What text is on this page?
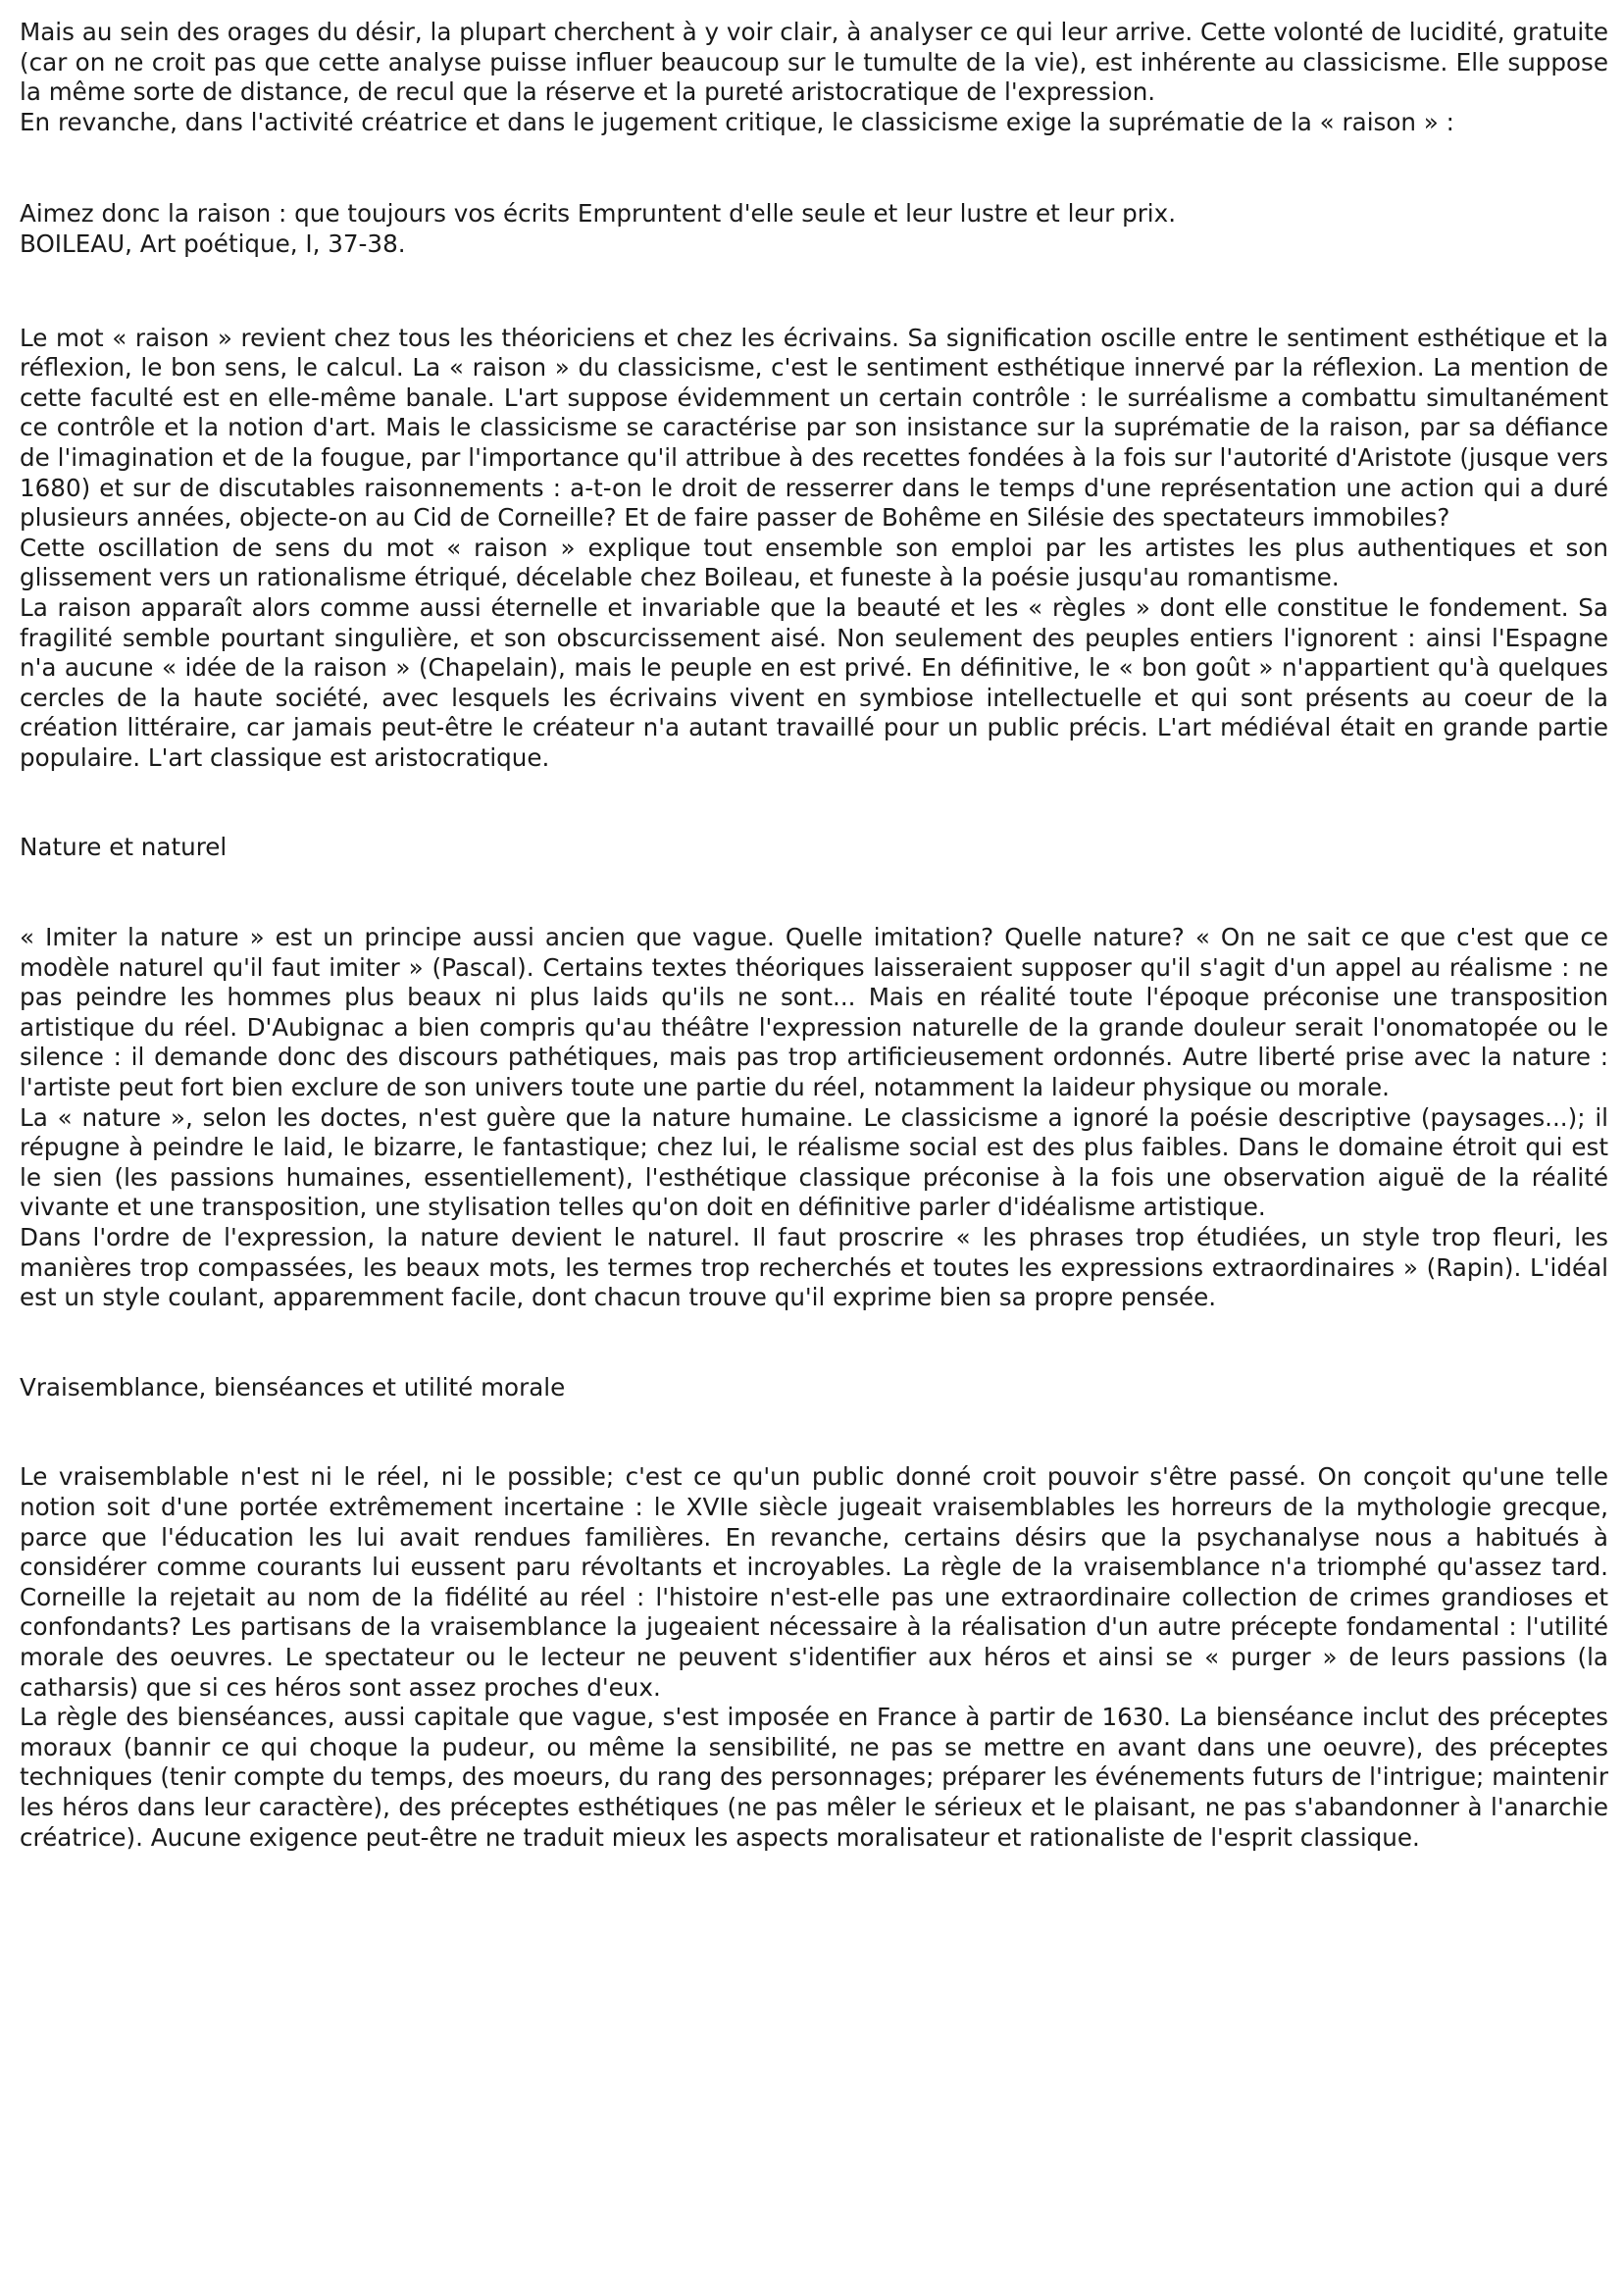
Mais au sein des orages du désir, la plupart cherchent à y voir clair, à analyser ce qui leur arrive. Cette volonté de lucidité, gratuite (car on ne croit pas que cette analyse puisse influer beaucoup sur le tumulte de la vie), est inhérente au classicisme. Elle suppose la même sorte de distance, de recul que la réserve et la pureté aristocratique de l'expression.

En revanche, dans l'activité créatrice et dans le jugement critique, le classicisme exige la suprématie de la « raison » :

Aimez donc la raison : que toujours vos écrits Empruntent d'elle seule et leur lustre et leur prix.

BOILEAU, Art poétique, I, 37-38.

Le mot « raison » revient chez tous les théoriciens et chez les écrivains. Sa signification oscille entre le sentiment esthétique et la réflexion, le bon sens, le calcul. La « raison » du classicisme, c'est le sentiment esthétique innervé par la réflexion. La mention de cette faculté est en elle-même banale. L'art suppose évidemment un certain contrôle : le surréalisme a combattu simultanément ce contrôle et la notion d'art. Mais le classicisme se caractérise par son insistance sur la suprématie de la raison, par sa défiance de l'imagination et de la fougue, par l'importance qu'il attribue à des recettes fondées à la fois sur l'autorité d'Aristote (jusque vers 1680) et sur de discutables raisonnements : a-t-on le droit de resserrer dans le temps d'une représentation une action qui a duré plusieurs années, objecte-on au Cid de Corneille? Et de faire passer de Bohême en Silésie des spectateurs immobiles?

Cette oscillation de sens du mot « raison » explique tout ensemble son emploi par les artistes les plus authentiques et son glissement vers un rationalisme étriqué, décelable chez Boileau, et funeste à la poésie jusqu'au romantisme.

La raison apparaît alors comme aussi éternelle et invariable que la beauté et les « règles » dont elle constitue le fondement. Sa fragilité semble pourtant singulière, et son obscurcissement aisé. Non seulement des peuples entiers l'ignorent : ainsi l'Espagne n'a aucune « idée de la raison » (Chapelain), mais le peuple en est privé. En définitive, le « bon goût » n'appartient qu'à quelques cercles de la haute société, avec lesquels les écrivains vivent en symbiose intellectuelle et qui sont présents au coeur de la création littéraire, car jamais peut-être le créateur n'a autant travaillé pour un public précis. L'art médiéval était en grande partie populaire. L'art classique est aristocratique.

Nature et naturel

« Imiter la nature » est un principe aussi ancien que vague. Quelle imitation? Quelle nature? « On ne sait ce que c'est que ce modèle naturel qu'il faut imiter » (Pascal). Certains textes théoriques laisseraient supposer qu'il s'agit d'un appel au réalisme : ne pas peindre les hommes plus beaux ni plus laids qu'ils ne sont... Mais en réalité toute l'époque préconise une transposition artistique du réel. D'Aubignac a bien compris qu'au théâtre l'expression naturelle de la grande douleur serait l'onomatopée ou le silence : il demande donc des discours pathétiques, mais pas trop artificieusement ordonnés. Autre liberté prise avec la nature : l'artiste peut fort bien exclure de son univers toute une partie du réel, notamment la laideur physique ou morale.

La « nature », selon les doctes, n'est guère que la nature humaine. Le classicisme a ignoré la poésie descriptive (paysages...); il répugne à peindre le laid, le bizarre, le fantastique; chez lui, le réalisme social est des plus faibles. Dans le domaine étroit qui est le sien (les passions humaines, essentiellement), l'esthétique classique préconise à la fois une observation aiguë de la réalité vivante et une transposition, une stylisation telles qu'on doit en définitive parler d'idéalisme artistique.

Dans l'ordre de l'expression, la nature devient le naturel. Il faut proscrire « les phrases trop étudiées, un style trop fleuri, les manières trop compassées, les beaux mots, les termes trop recherchés et toutes les expressions extraordinaires » (Rapin). L'idéal est un style coulant, apparemment facile, dont chacun trouve qu'il exprime bien sa propre pensée.

Vraisemblance, bienséances et utilité morale

Le vraisemblable n'est ni le réel, ni le possible; c'est ce qu'un public donné croit pouvoir s'être passé. On conçoit qu'une telle notion soit d'une portée extrêmement incertaine : le XVIIe siècle jugeait vraisemblables les horreurs de la mythologie grecque, parce que l'éducation les lui avait rendues familières. En revanche, certains désirs que la psychanalyse nous a habitués à considérer comme courants lui eussent paru révoltants et incroyables. La règle de la vraisemblance n'a triomphé qu'assez tard. Corneille la rejetait au nom de la fidélité au réel : l'histoire n'est-elle pas une extraordinaire collection de crimes grandioses et confondants? Les partisans de la vraisemblance la jugeaient nécessaire à la réalisation d'un autre précepte fondamental : l'utilité morale des oeuvres. Le spectateur ou le lecteur ne peuvent s'identifier aux héros et ainsi se « purger » de leurs passions (la catharsis) que si ces héros sont assez proches d'eux.

La règle des bienséances, aussi capitale que vague, s'est imposée en France à partir de 1630. La bienséance inclut des préceptes moraux (bannir ce qui choque la pudeur, ou même la sensibilité, ne pas se mettre en avant dans une oeuvre), des préceptes techniques (tenir compte du temps, des moeurs, du rang des personnages; préparer les événements futurs de l'intrigue; maintenir les héros dans leur caractère), des préceptes esthétiques (ne pas mêler le sérieux et le plaisant, ne pas s'abandonner à l'anarchie créatrice). Aucune exigence peut-être ne traduit mieux les aspects moralisateur et rationaliste de l'esprit classique.
